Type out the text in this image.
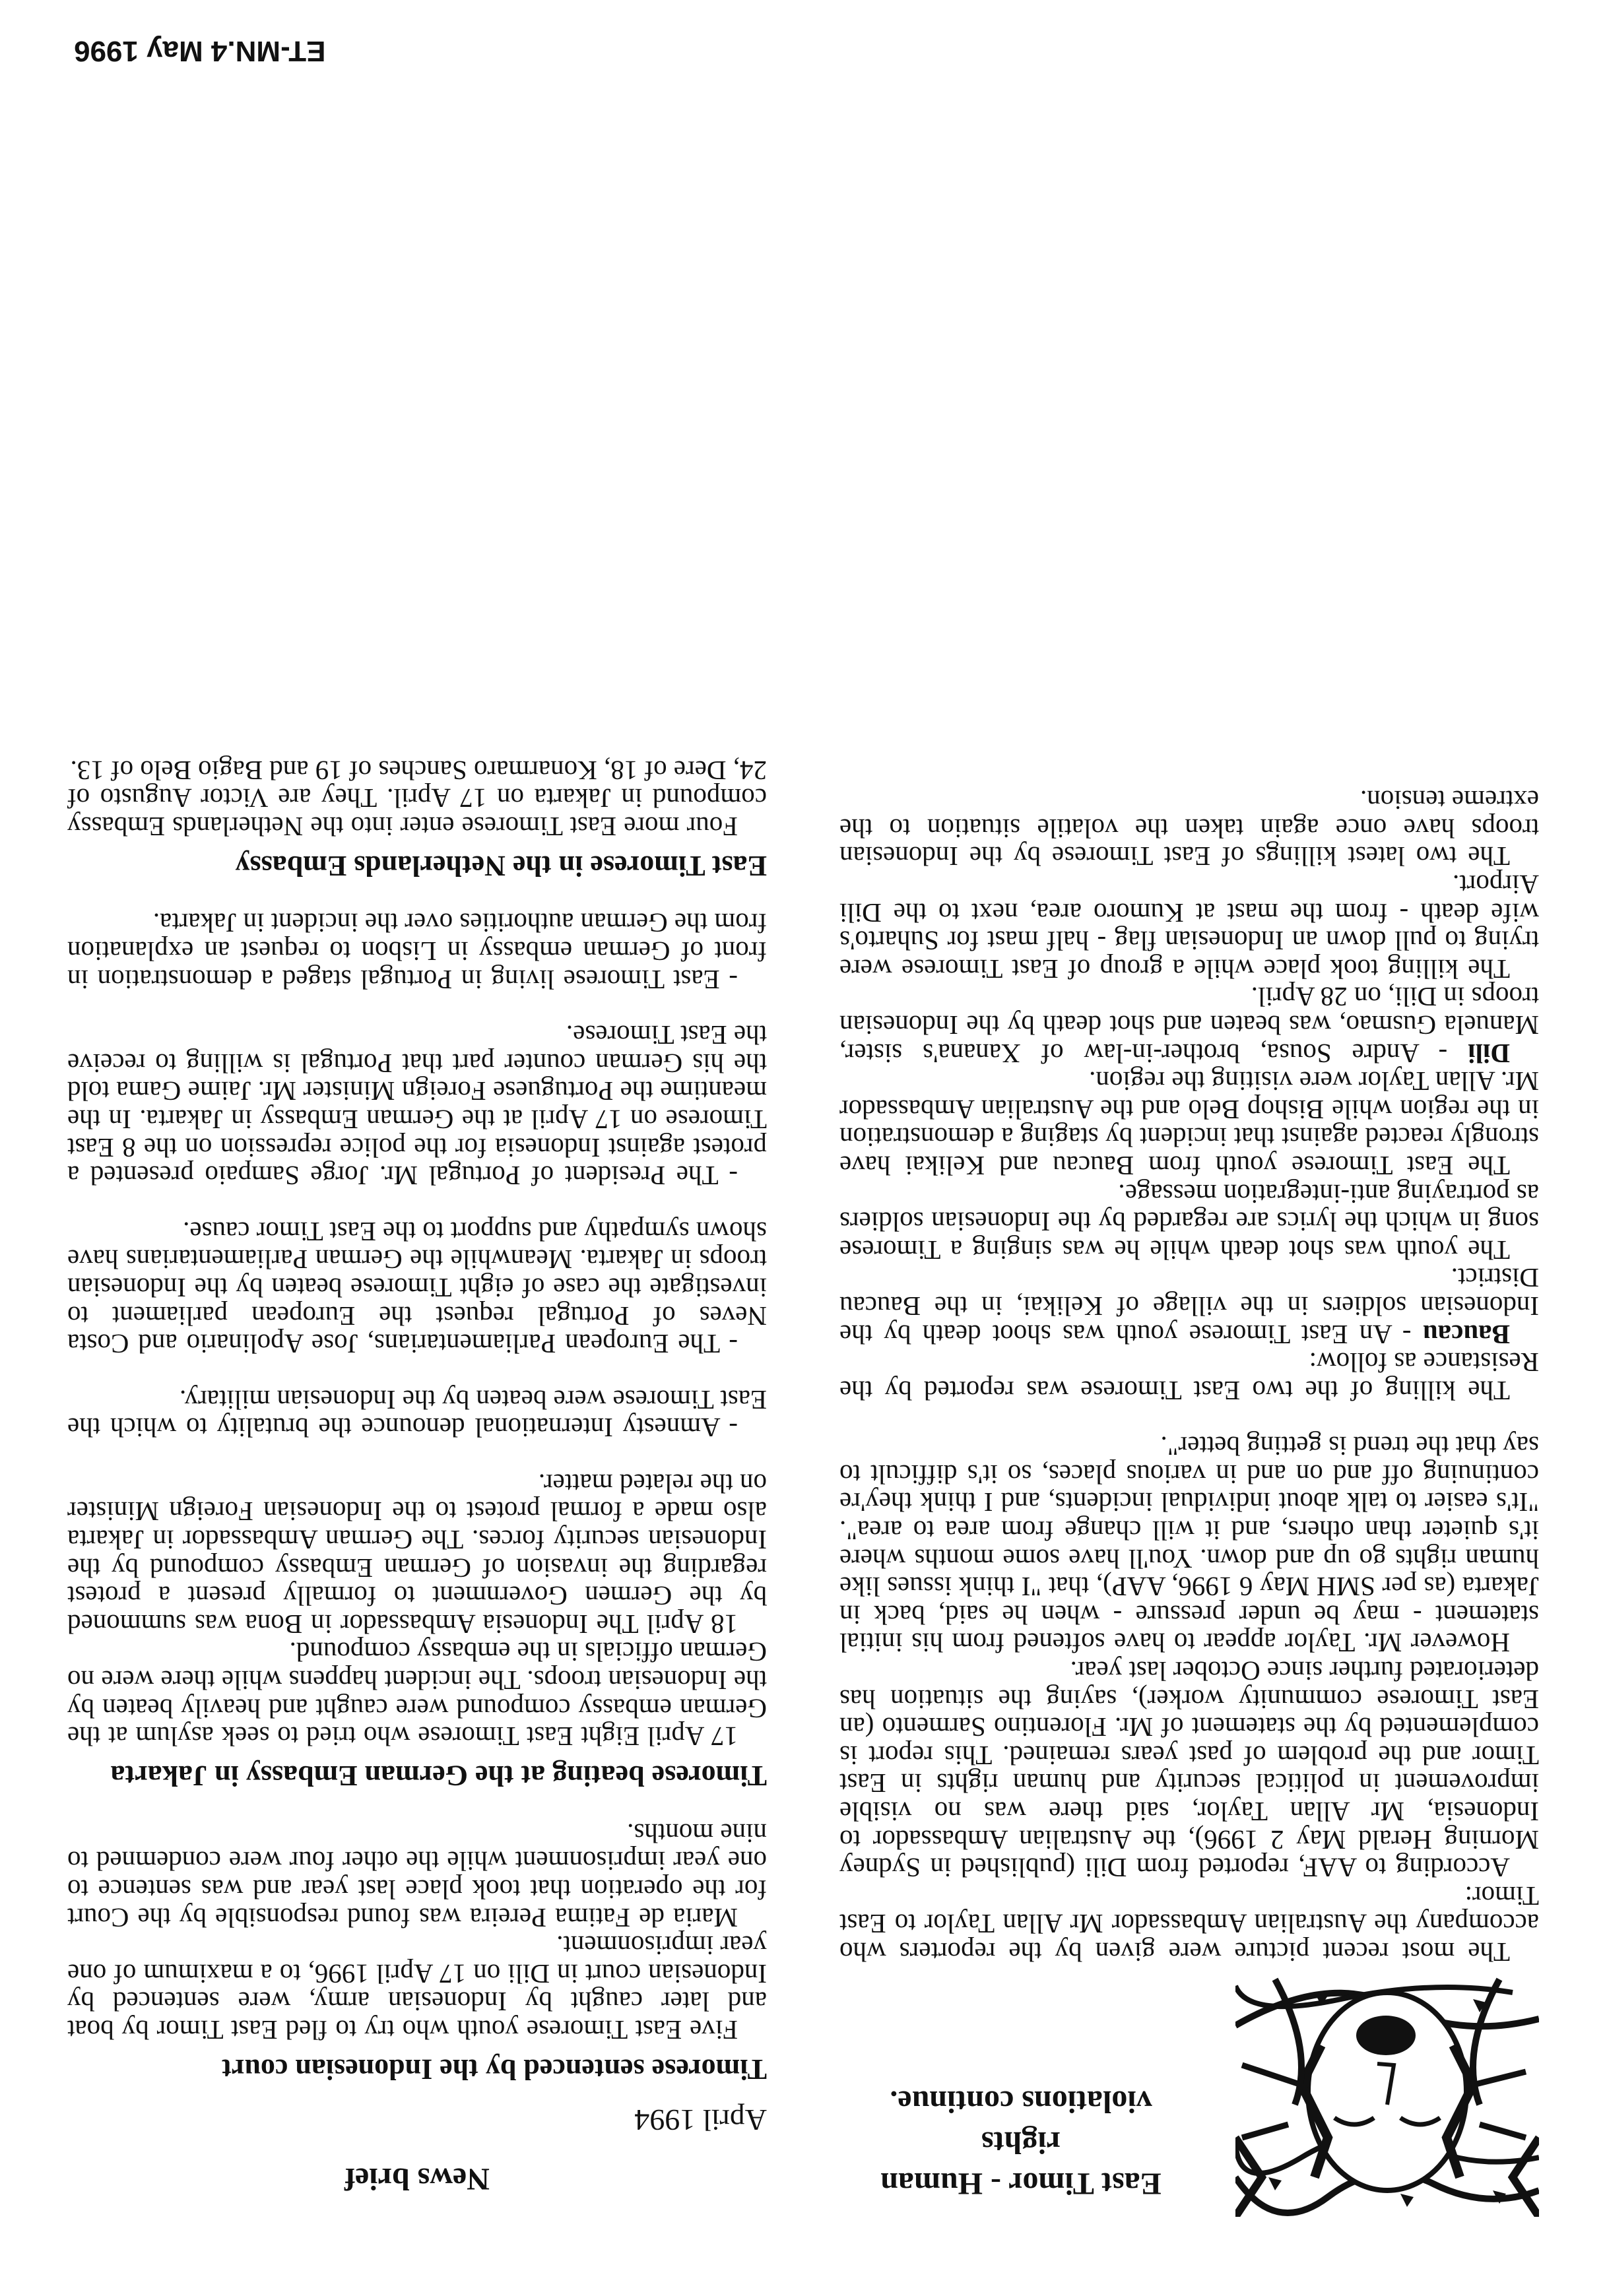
East Timor - Human rights
violations continue.

The most recent picture were given by the reporters who accompany the Australian Ambassador Mr Allan Taylor to East Timor:

According to AAF, reported from Dili (published in Sydney Morning Herald May 2 1996), the Australian Ambassador to Indonesia, Mr Allan Taylor, said there was no visible improvement in political security and human rights in East Timor and the problem of past years remained. This report is complemented by the statement of Mr. Florentino Sarmento (an East Timorese community worker), saying the situation has deteriorated further since October last year.

However Mr. Taylor appear to have softened from his initial statement - may be under pressure - when he said, back in Jakarta (as per SMH May 6 1996, AAP), that "I think issues like human rights go up and down. You'll have some months where it's quieter than others, and it will change from area to area". "It's easier to talk about individual incidents, and I think they're continuing off and on and in various places, so it's difficult to say that the trend is getting better".

The killing of the two East Timorese was reported by the Resistance as follow:

Baucau - An East Timorese youth was shoot death by the Indonesian soldiers in the village of Kelikai, in the Baucau District.

The youth was shot death while he was singing a Timorese song in which the lyrics are regarded by the Indonesian soldiers as portraying anti-integration message.

The East Timorese youth from Baucau and Kelikai have strongly reacted against that incident by staging a demonstration in the region while Bishop Belo and the Australian Ambassador Mr. Allan Taylor were visiting the region.

Dili - Andre Sousa, brother-in-law of Xanana's sister, Manuela Gusmao, was beaten and shot death by the Indonesian troops in Dili, on 28 April.

The killing took place while a group of East Timorese were trying to pull down an Indonesian flag - half mast for Suharto's wife death - from the mast at Kumoro area, next to the Dili Airport.

The two latest killings of East Timorese by the Indonesian troops have once again taken the volatile situation to the extreme tension.

News brief
April 1994
Timorese sentenced by the Indonesian court

Five East Timorese youth who try to fled East Timor by boat and later caught by Indonesian army, were sentenced by Indonesian court in Dili on 17 April 1996, to a maximum of one year imprisonment.

Maria de Fatima Pereira was found responsible by the Court for the operation that took place last year and was sentence to one year imprisonment while the other four were condemned to nine months.

Timorese beating at the German Embassy in Jakarta

17 April Eight East Timorese who tried to seek asylum at the German embassy compound were caught and heavily beaten by the Indonesian troops. The incident happens while there were no German officials in the embassy compound.

18 April The Indonesia Ambassador in Bona was summoned by the Germen Government to formally present a protest regarding the invasion of German Embassy compound by the Indonesian security forces. The German Ambassador in Jakarta also made a formal protest to the Indonesian Foreign Minister on the related matter.

- Amnesty International denounce the brutality to which the East Timorese were beaten by the Indonesian military.

- The European Parliamentarians, Jose Apolinario and Costa Neves of Portugal request the European parliament to investigate the case of eight Timorese beaten by the Indonesian troops in Jakarta. Meanwhile the German Parliamentarians have shown sympathy and support to the East Timor cause.

- The President of Portugal Mr. Jorge Sampaio presented a protest against Indonesia for the police repression on the 8 East Timorese on 17 April at the German Embassy in Jakarta. In the meantime the Portuguese Foreign Minister Mr. Jaime Gama told the his German counter part that Portugal is willing to receive the East Timorese.

- East Timorese living in Portugal staged a demonstration in front of German embassy in Lisbon to request an explanation from the German authorities over the incident in Jakarta.

East Timorese in the Netherlands Embassy

Four more East Timorese enter into the Netherlands Embassy compound in Jakarta on 17 April. They are Victor Augusto of 24, Dere of 18, Konarmaro Sanches of 19 and Bagio Belo of 13.

ET-MN.4 May 1996
